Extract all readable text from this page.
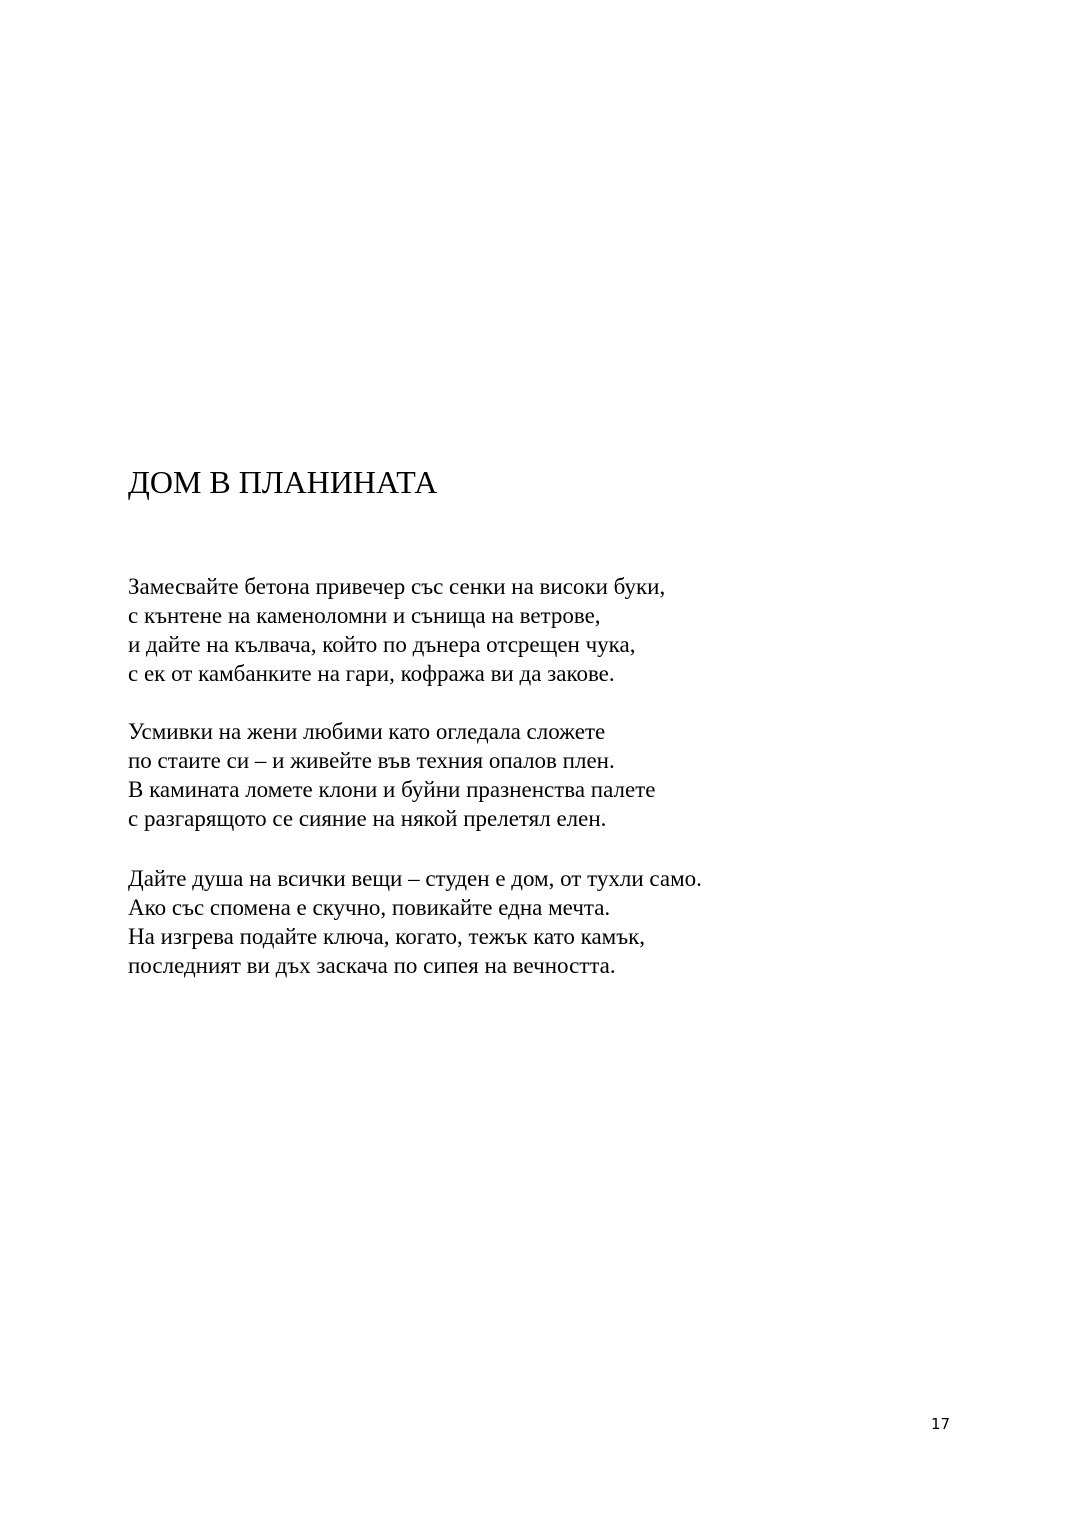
ДОМ В ПЛАНИНАТА
Замесвайте бетона привечер със сенки на високи буки,
с кънтене на каменоломни и сънища на ветрове,
и дайте на кълвача, който по дънера отсрещен чука,
с ек от камбанките на гари, кофража ви да закове.
Усмивки на жени любими като огледала сложете
по стаите си – и живейте във техния опалов плен.
В камината ломете клони и буйни празненства палете
с разгарящото се сияние на някой прелетял елен.
Дайте душа на всички вещи – студен е дом, от тухли само.
Ако със спомена е скучно, повикайте една мечта.
На изгрева подайте ключа, когато, тежък като камък,
последният ви дъх заскача по сипея на вечността.
17
